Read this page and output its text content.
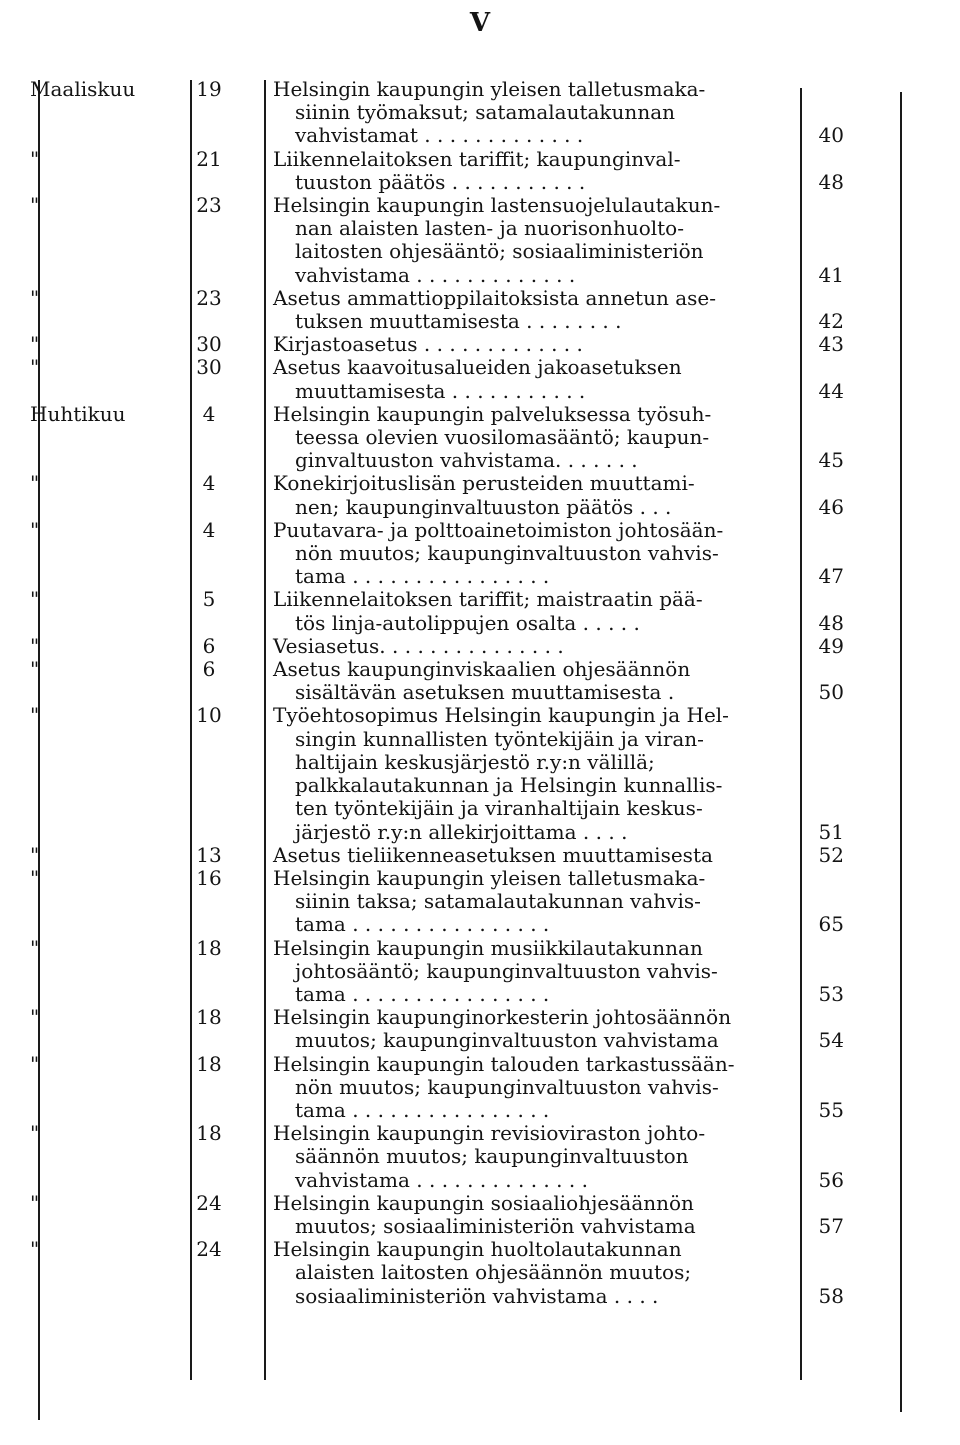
V
Maaliskuu	19	Helsingin kaupungin yleisen talletusmaka-
siinin työmaksut; satamalautakunnan
vahvistamat . . . . . . . . . . . . .	40
"	21	Liikennelaitoksen tariffit; kaupunginval-
tuuston päätös . . . . . . . . . . .	48
"	23	Helsingin kaupungin lastensuojelulautakun-
nan alaisten lasten- ja nuorisonhuolto-
laitosten ohjesääntö; sosiaaliministeriön
vahvistama . . . . . . . . . . . . .	41
"	23	Asetus ammattioppilaitoksista annetun ase-
tuksen muuttamisesta . . . . . . . .	42
"	30	Kirjastoasetus . . . . . . . . . . . . .	43
"	30	Asetus kaavoitusalueiden jakoasetuksen
muuttamisesta . . . . . . . . . . .	44
Huhtikuu	4	Helsingin kaupungin palveluksessa työsuh-
teessa olevien vuosilomasääntö; kaupun-
ginvaltuuston vahvistama. . . . . . .	45
"	4	Konekirjoituslisän perusteiden muuttami-
nen; kaupunginvaltuuston päätös . . .	46
"	4	Puutavara- ja polttoainetoimiston johtosään-
nön muutos; kaupunginvaltuuston vahvis-
tama . . . . . . . . . . . . . . . .	47
"	5	Liikennelaitoksen tariffit; maistraatin pää-
tös linja-autolippujen osalta . . . . .	48
"	6	Vesiasetus. . . . . . . . . . . . . . .	49
"	6	Asetus kaupunginviskaalien ohjesäännön
sisältävän asetuksen muuttamisesta .	50
"	10	Työehtosopimus Helsingin kaupungin ja Hel-
singin kunnallisten työntekijäin ja viran-
haltijain keskusjärjestö r.y:n välillä;
palkkalautakunnan ja Helsingin kunnallis-
ten työntekijäin ja viranhaltijain keskus-
järjestö r.y:n allekirjoittama . . . .	51
"	13	Asetus tieliikenneasetuksen muuttamisesta	52
"	16	Helsingin kaupungin yleisen talletusmaka-
siinin taksa; satamalautakunnan vahvis-
tama . . . . . . . . . . . . . . . .	65
"	18	Helsingin kaupungin musiikkilautakunnan
johtosääntö; kaupunginvaltuuston vahvis-
tama . . . . . . . . . . . . . . . .	53
"	18	Helsingin kaupunginorkesterin johtosäännön
muutos; kaupunginvaltuuston vahvistama	54
"	18	Helsingin kaupungin talouden tarkastussään-
nön muutos; kaupunginvaltuuston vahvis-
tama . . . . . . . . . . . . . . . .	55
"	18	Helsingin kaupungin revisioviraston johto-
säännön muutos; kaupunginvaltuuston
vahvistama . . . . . . . . . . . . . .	56
"	24	Helsingin kaupungin sosiaaliohjesäännön
muutos; sosiaaliministeriön vahvistama	57
"	24	Helsingin kaupungin huoltolautakunnan
alaisten laitosten ohjesäännön muutos;
sosiaaliministeriön vahvistama . . . .	58
